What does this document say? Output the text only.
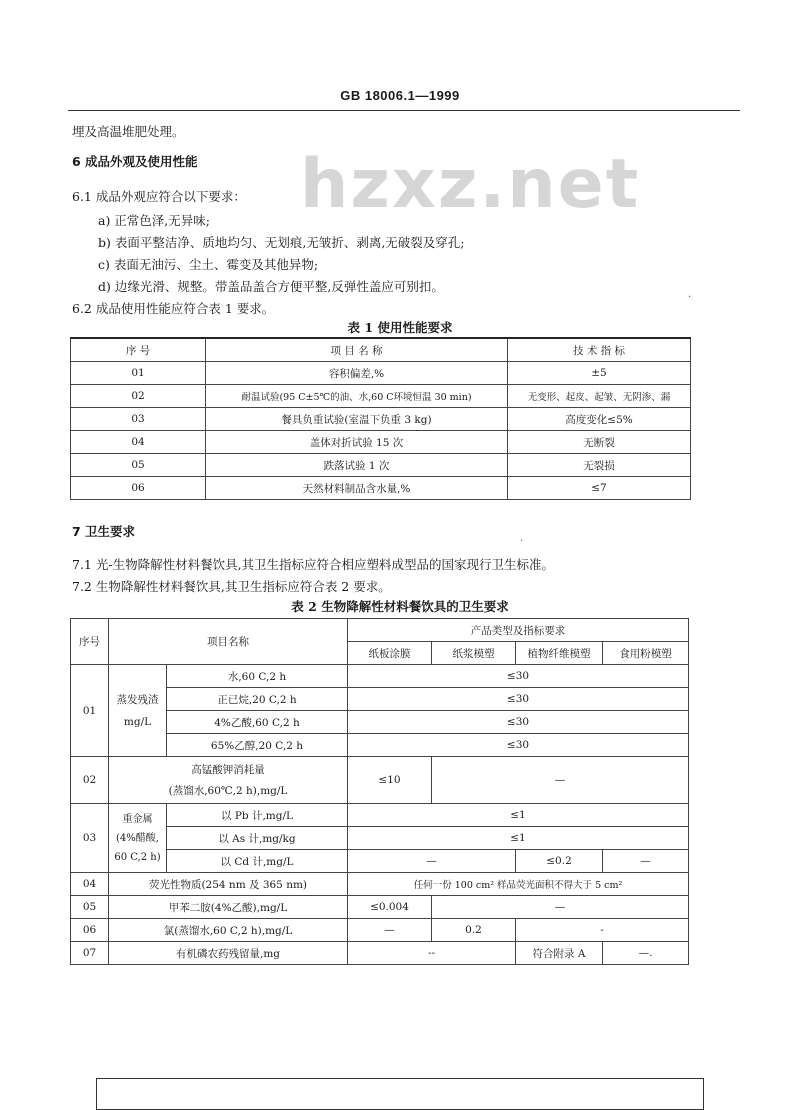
GB 18006.1—1999
hzxz.net
埋及高温堆肥处理。
6 成品外观及使用性能
6.1 成品外观应符合以下要求：
a) 正常色泽,无异味;
b) 表面平整洁净、质地均匀、无划痕,无皱折、剥离,无破裂及穿孔;
c) 表面无油污、尘土、霉变及其他异物;
d) 边缘光滑、规整。带盖品盖合方便平整,反弹性盖应可别扣。
6.2 成品使用性能应符合表 1 要求。
表 1 使用性能要求
序 号	项 目 名 称	技 术 指 标
01	容积偏差,%	±5
02	耐温试验(95 C±5℃的油、水,60 C环境恒温 30 min)	无变形、起皮、起皱、无阴渗、漏
03	餐具负重试验(室温下负重 3 kg)	高度变化≤5%
04	盖体对折试验 15 次	无断裂
05	跌落试验 1 次	无裂损
06	天然材料制品含水量,%	≤7
7 卫生要求
7.1 光-生物降解性材料餐饮具,其卫生指标应符合相应塑料成型品的国家现行卫生标准。
7.2 生物降解性材料餐饮具,其卫生指标应符合表 2 要求。
表 2 生物降解性材料餐饮具的卫生要求
序号	项目名称		产品类型及指标要求			
			纸板涂膜	纸浆模塑	植物纤维模塑	食用粉模塑
01	蒸发残渣
mg/L	水,60 C,2 h	≤30			
		正已烷,20 C,2 h	≤30			
		4%乙酸,60 C,2 h	≤30			
		65%乙醇,20 C,2 h	≤30			
02	高锰酸钾消耗量
(蒸馏水,60℃,2 h),mg/L		≤10	—		
03	重金属
(4%醋酸,
60 C,2 h)	以 Pb 计,mg/L	≤1			
		以 As 计,mg/kg	≤1			
		以 Cd 计,mg/L	—		≤0.2	—
04	荧光性物质(254 nm 及 365 nm)		任何一份 100 cm² 样品荧光面积不得大于 5 cm²			
05	甲苯二胺(4%乙酸),mg/L		≤0.004	—		
06	氯(蒸馏水,60 C,2 h),mg/L		—	0.2	-	
07	有机磷农药残留量,mg		--		符合附录 A	—.
·
·
